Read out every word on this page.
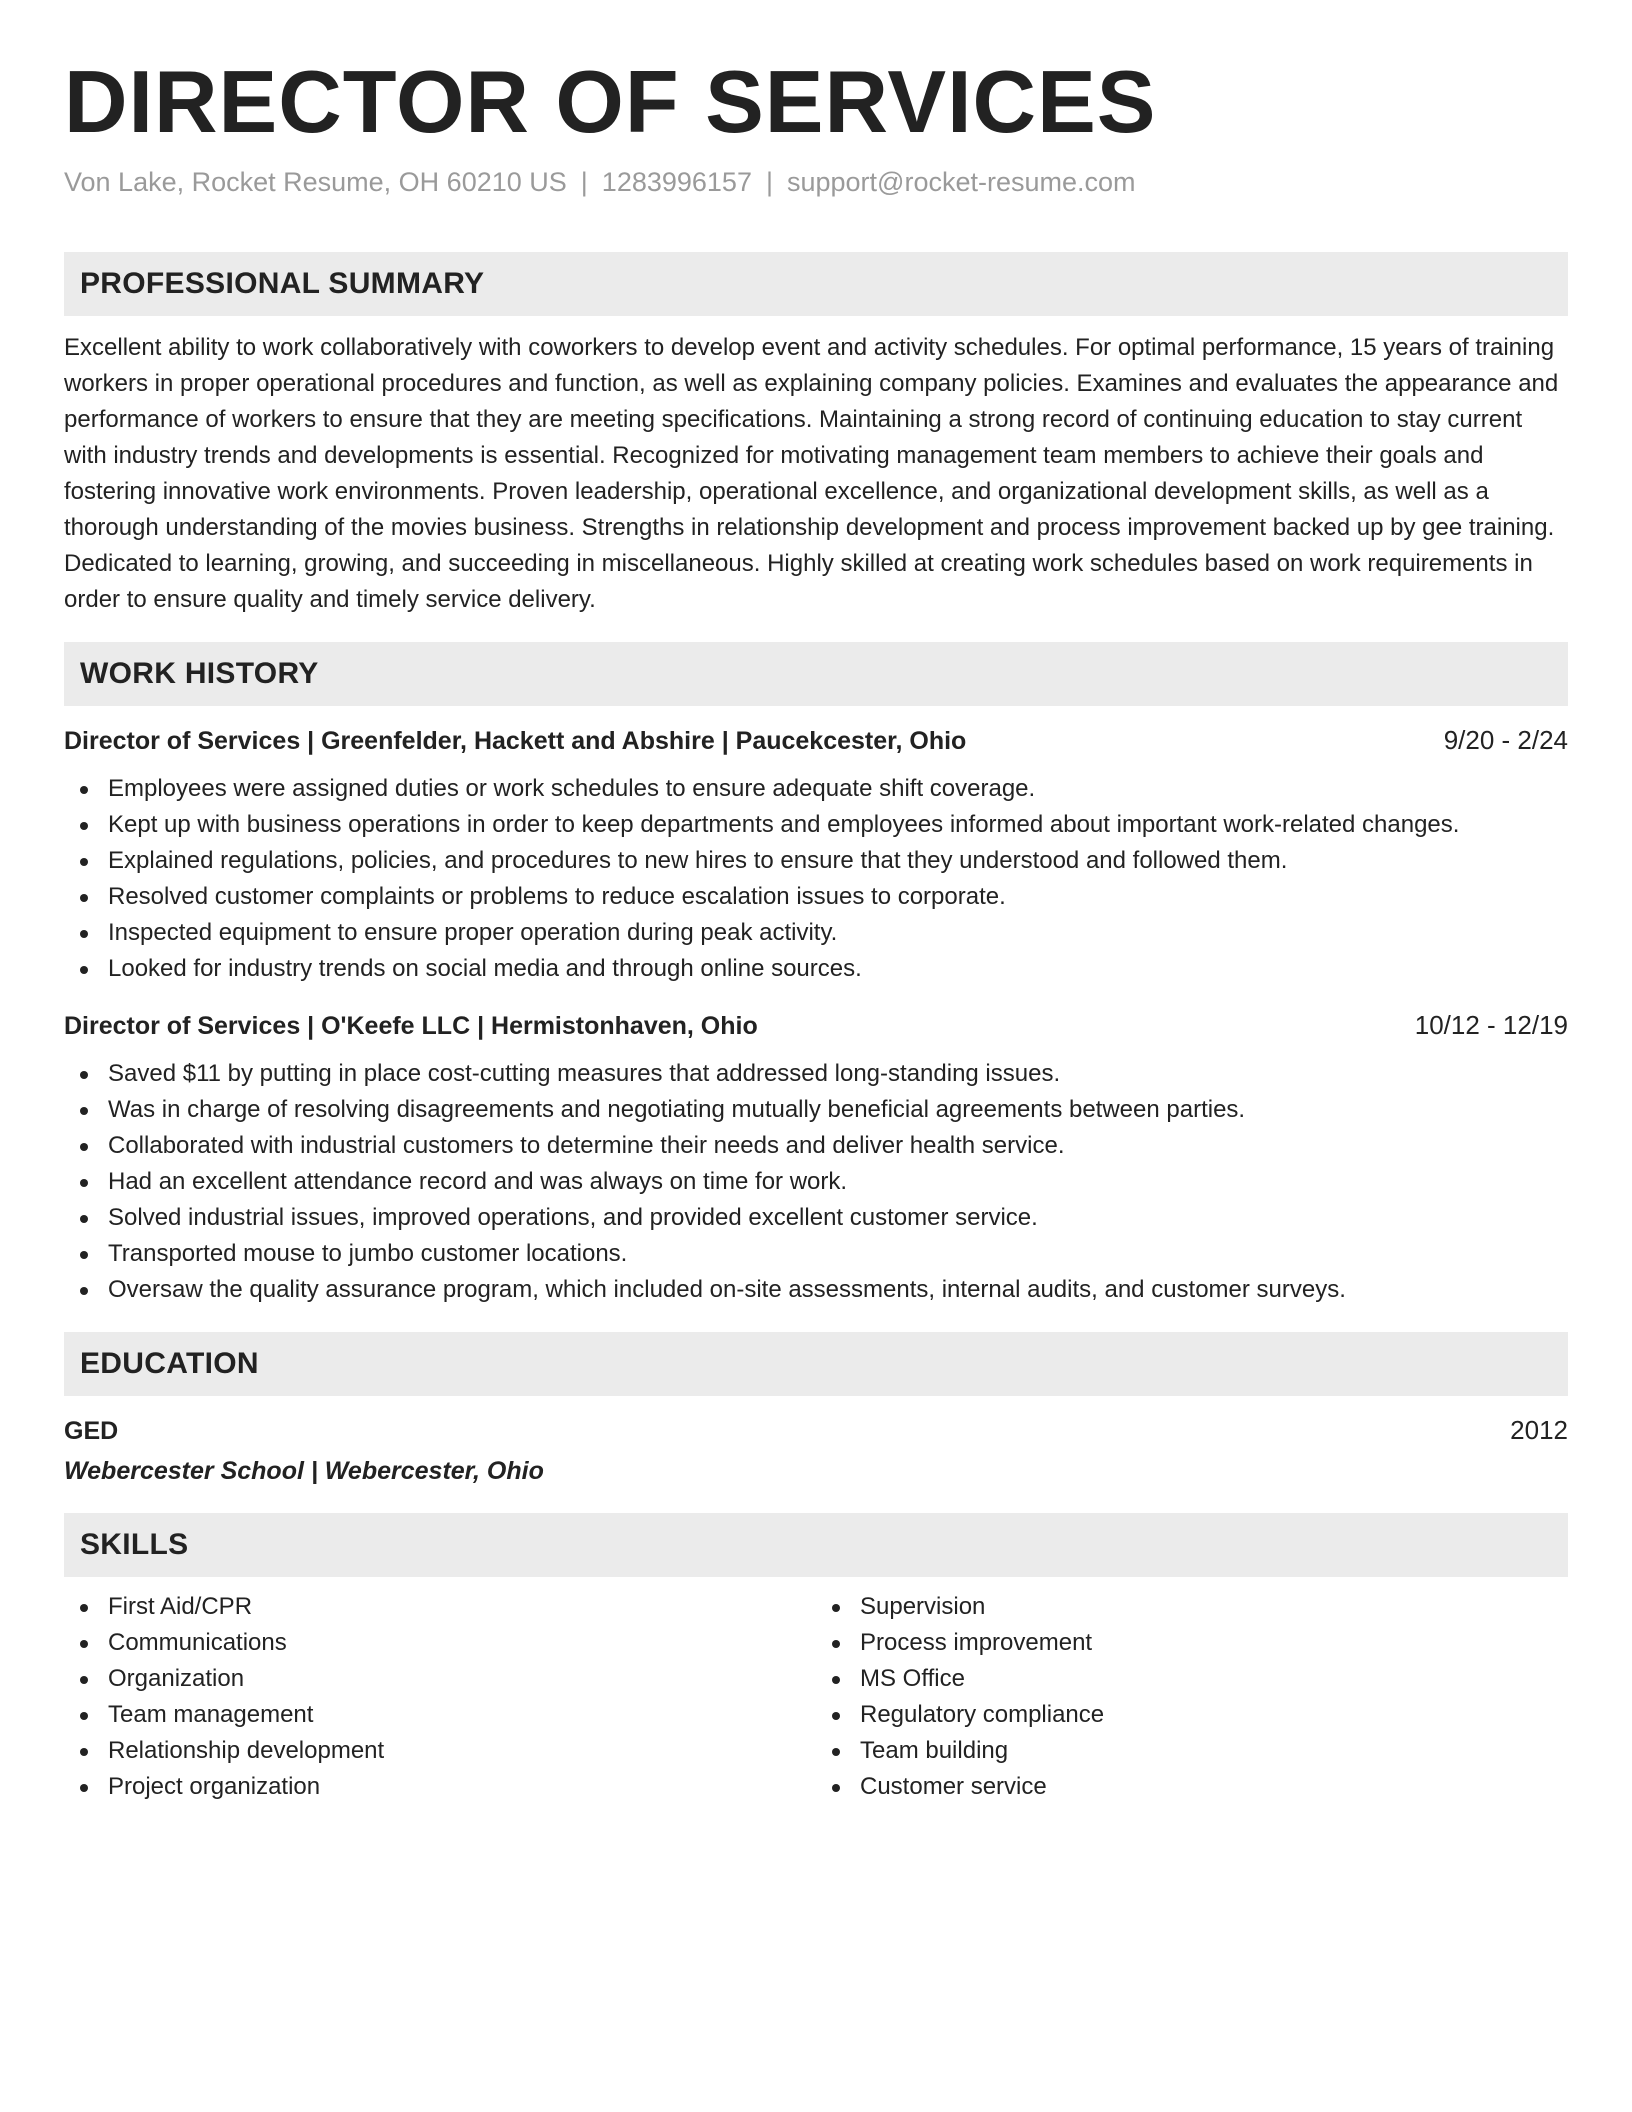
DIRECTOR OF SERVICES
Von Lake, Rocket Resume, OH 60210 US | 1283996157 | support@rocket-resume.com
PROFESSIONAL SUMMARY
Excellent ability to work collaboratively with coworkers to develop event and activity schedules. For optimal performance, 15 years of training workers in proper operational procedures and function, as well as explaining company policies. Examines and evaluates the appearance and performance of workers to ensure that they are meeting specifications. Maintaining a strong record of continuing education to stay current with industry trends and developments is essential. Recognized for motivating management team members to achieve their goals and fostering innovative work environments. Proven leadership, operational excellence, and organizational development skills, as well as a thorough understanding of the movies business. Strengths in relationship development and process improvement backed up by gee training. Dedicated to learning, growing, and succeeding in miscellaneous. Highly skilled at creating work schedules based on work requirements in order to ensure quality and timely service delivery.
WORK HISTORY
Director of Services | Greenfelder, Hackett and Abshire | Paucekcester, Ohio	9/20 - 2/24
Employees were assigned duties or work schedules to ensure adequate shift coverage.
Kept up with business operations in order to keep departments and employees informed about important work-related changes.
Explained regulations, policies, and procedures to new hires to ensure that they understood and followed them.
Resolved customer complaints or problems to reduce escalation issues to corporate.
Inspected equipment to ensure proper operation during peak activity.
Looked for industry trends on social media and through online sources.
Director of Services | O'Keefe LLC | Hermistonhaven, Ohio	10/12 - 12/19
Saved $11 by putting in place cost-cutting measures that addressed long-standing issues.
Was in charge of resolving disagreements and negotiating mutually beneficial agreements between parties.
Collaborated with industrial customers to determine their needs and deliver health service.
Had an excellent attendance record and was always on time for work.
Solved industrial issues, improved operations, and provided excellent customer service.
Transported mouse to jumbo customer locations.
Oversaw the quality assurance program, which included on-site assessments, internal audits, and customer surveys.
EDUCATION
GED	2012
Webercester School | Webercester, Ohio
SKILLS
First Aid/CPR
Communications
Organization
Team management
Relationship development
Project organization
Supervision
Process improvement
MS Office
Regulatory compliance
Team building
Customer service
